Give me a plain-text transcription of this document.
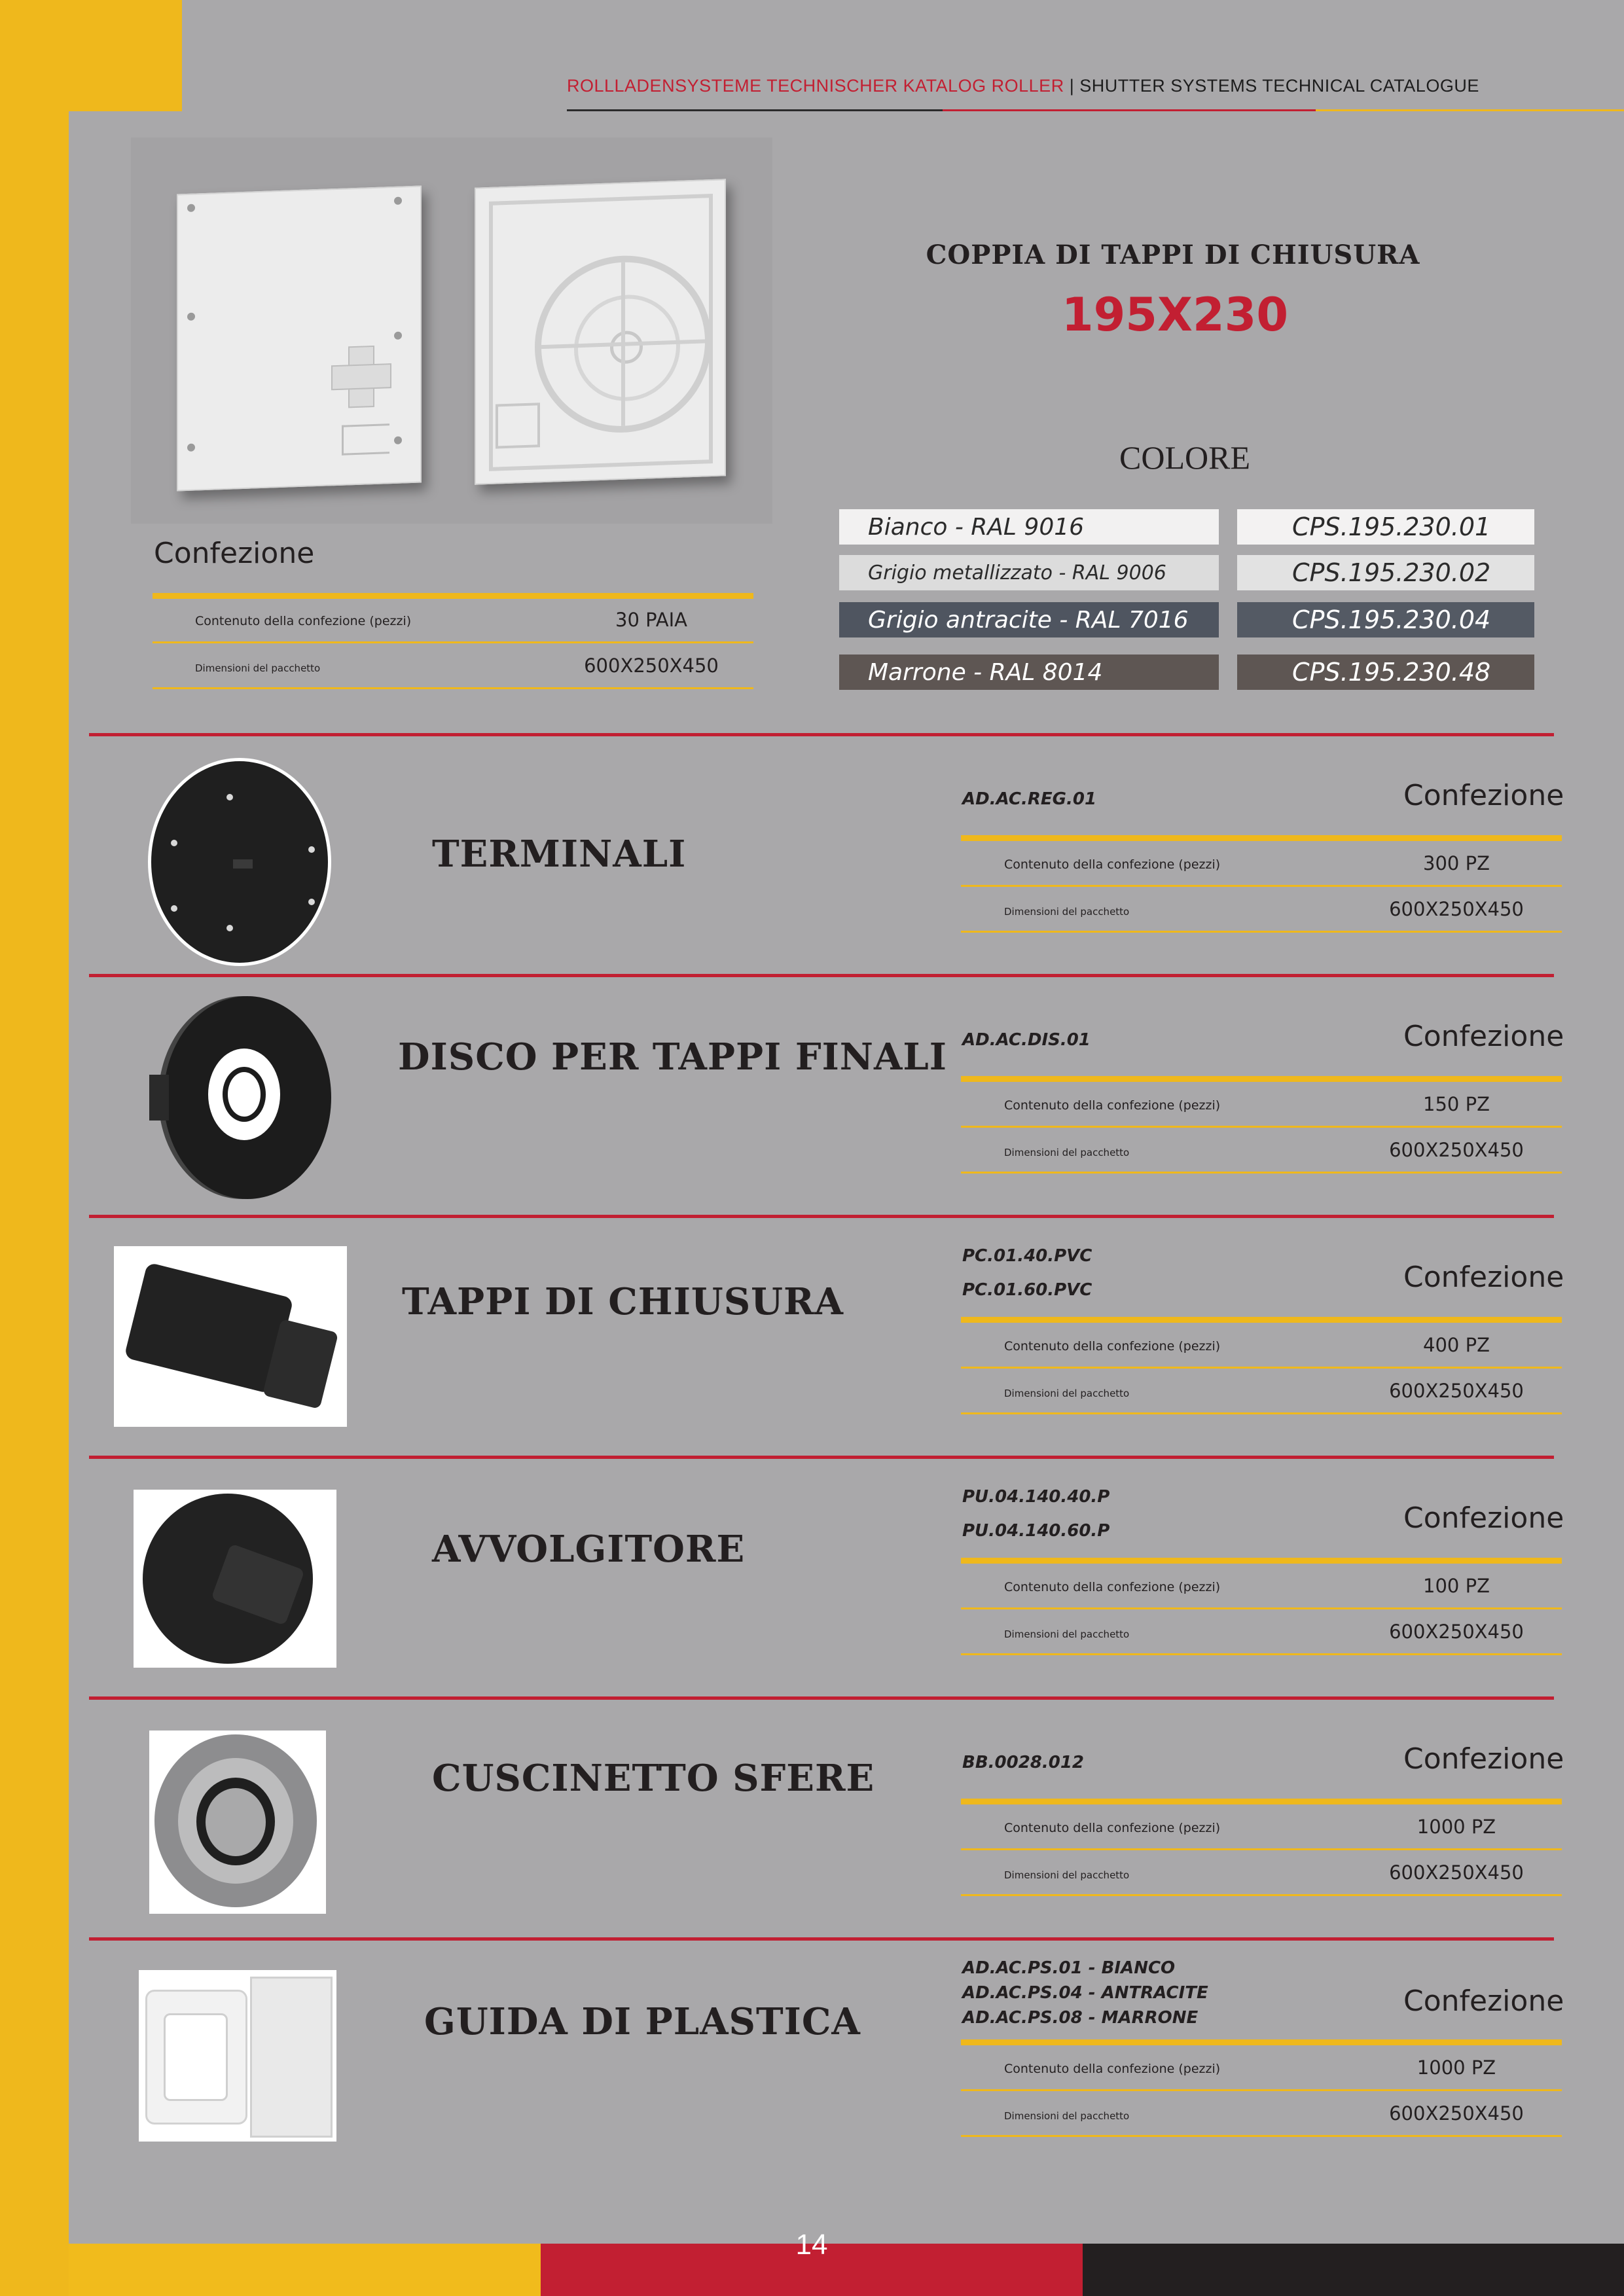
ROLLLADENSYSTEME TECHNISCHER KATALOG ROLLER | SHUTTER SYSTEMS TECHNICAL CATALOGUE
COPPIA DI TAPPI DI CHIUSURA
195X230
COLORE
Bianco - RAL 9016	CPS.195.230.01
Grigio metallizzato - RAL 9006	CPS.195.230.02
Grigio antracite - RAL 7016	CPS.195.230.04
Marrone - RAL 8014	CPS.195.230.48
Confezione
Contenuto della confezione (pezzi)	30 PAIA
Dimensioni del pacchetto	600X250X450
TERMINALI
AD.AC.REG.01	Confezione
Contenuto della confezione (pezzi)	300 PZ
Dimensioni del pacchetto	600X250X450
DISCO PER TAPPI FINALI AD.AC.DIS.01	Confezione
Contenuto della confezione (pezzi)	150 PZ
Dimensioni del pacchetto	600X250X450
TAPPI DI CHIUSURA
PC.01.40.PVC
PC.01.60.PVC	Confezione
Contenuto della confezione (pezzi)	400 PZ
Dimensioni del pacchetto	600X250X450
AVVOLGITORE
PU.04.140.40.P
PU.04.140.60.P	Confezione
Contenuto della confezione (pezzi)	100 PZ
Dimensioni del pacchetto	600X250X450
CUSCINETTO SFERE	BB.0028.012	Confezione
Contenuto della confezione (pezzi)	1000 PZ
Dimensioni del pacchetto	600X250X450
GUIDA DI PLASTICA
AD.AC.PS.01 - BIANCO
AD.AC.PS.04 - ANTRACITE
AD.AC.PS.08 - MARRONE	Confezione
Contenuto della confezione (pezzi)	1000 PZ
Dimensioni del pacchetto	600X250X450
14
